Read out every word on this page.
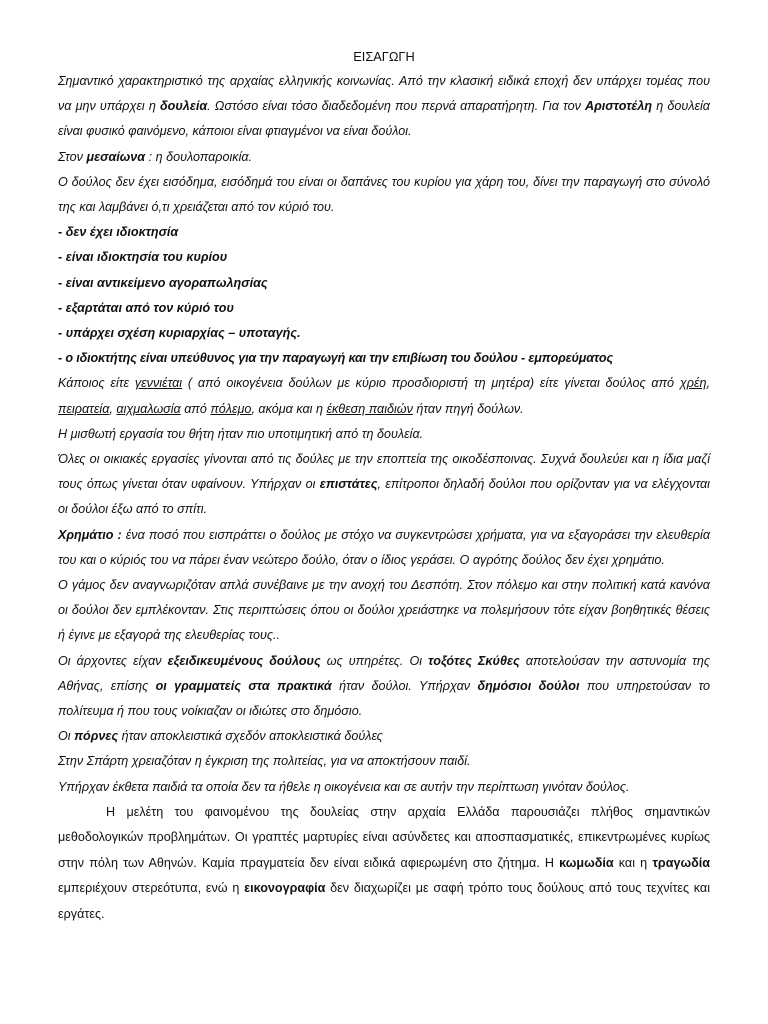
ΕΙΣΑΓΩΓΗ

Σημαντικό χαρακτηριστικό της αρχαίας ελληνικής κοινωνίας. Από την κλασική ειδικά εποχή δεν υπάρχει τομέας που να μην υπάρχει η δουλεία. Ωστόσο είναι τόσο διαδεδομένη που περνά απαρατήρητη. Για τον Αριστοτέλη η δουλεία είναι φυσικό φαινόμενο, κάποιοι είναι φτιαγμένοι να είναι δούλοι.

Στον μεσαίωνα : η δουλοπαροικία.

Ο δούλος δεν έχει εισόδημα, εισόδημά του είναι οι δαπάνες του κυρίου για χάρη του, δίνει την παραγωγή στο σύνολό της και λαμβάνει ό,τι χρειάζεται από τον κύριό του.

- δεν έχει ιδιοκτησία

- είναι ιδιοκτησία του κυρίου

- είναι αντικείμενο αγοραπωλησίας

- εξαρτάται από τον κύριό του

- υπάρχει σχέση κυριαρχίας – υποταγής.

- ο ιδιοκτήτης είναι υπεύθυνος για την παραγωγή και την επιβίωση του δούλου - εμπορεύματος

Κάποιος είτε γεννιέται ( από οικογένεια δούλων με κύριο προσδιοριστή τη μητέρα) είτε γίνεται δούλος από χρέη, πειρατεία, αιχμαλωσία από πόλεμο, ακόμα και η έκθεση παιδιών ήταν πηγή δούλων.

Η μισθωτή εργασία του θήτη ήταν πιο υποτιμητική από τη δουλεία.

Όλες οι οικιακές εργασίες γίνονται από τις δούλες με την εποπτεία της οικοδέσποινας. Συχνά δουλεύει και η ίδια μαζί τους όπως γίνεται όταν υφαίνουν. Υπήρχαν οι επιστάτες, επίτροποι δηλαδή δούλοι που ορίζονταν για να ελέγχονται οι δούλοι έξω από το σπίτι.

Χρημάτιο : ένα ποσό που εισπράττει ο δούλος με στόχο να συγκεντρώσει χρήματα, για να εξαγοράσει την ελευθερία του και ο κύριός του να πάρει έναν νεώτερο δούλο, όταν ο ίδιος γεράσει. Ο αγρότης δούλος δεν έχει χρημάτιο.

Ο γάμος δεν αναγνωριζόταν απλά συνέβαινε με την ανοχή του Δεσπότη. Στον πόλεμο και στην πολιτική κατά κανόνα οι δούλοι δεν εμπλέκονταν. Στις περιπτώσεις όπου οι δούλοι χρειάστηκε να πολεμήσουν τότε είχαν βοηθητικές θέσεις ή έγινε με εξαγορά της ελευθερίας τους..

Οι άρχοντες είχαν εξειδικευμένους δούλους ως υπηρέτες. Οι τοξότες Σκύθες αποτελούσαν την αστυνομία της Αθήνας, επίσης οι γραμματείς στα πρακτικά ήταν δούλοι. Υπήρχαν δημόσιοι δούλοι που υπηρετούσαν το πολίτευμα ή που τους νοίκιαζαν οι ιδιώτες στο δημόσιο.

Οι πόρνες ήταν αποκλειστικά σχεδόν αποκλειστικά δούλες

Στην Σπάρτη χρειαζόταν η έγκριση της πολιτείας, για να αποκτήσουν παιδί.

Υπήρχαν έκθετα παιδιά τα οποία δεν τα ήθελε η οικογένεια και σε αυτήν την περίπτωση γινόταν δούλος.

Η μελέτη του φαινομένου της δουλείας στην αρχαία Ελλάδα παρουσιάζει πλήθος σημαντικών μεθοδολογικών προβλημάτων. Οι γραπτές μαρτυρίες είναι ασύνδετες και αποσπασματικές, επικεντρωμένες κυρίως στην πόλη των Αθηνών. Καμία πραγματεία δεν είναι ειδικά αφιερωμένη στο ζήτημα. Η κωμωδία και η τραγωδία εμπεριέχουν στερεότυπα, ενώ η εικονογραφία δεν διαχωρίζει με σαφή τρόπο τους δούλους από τους τεχνίτες και εργάτες.
